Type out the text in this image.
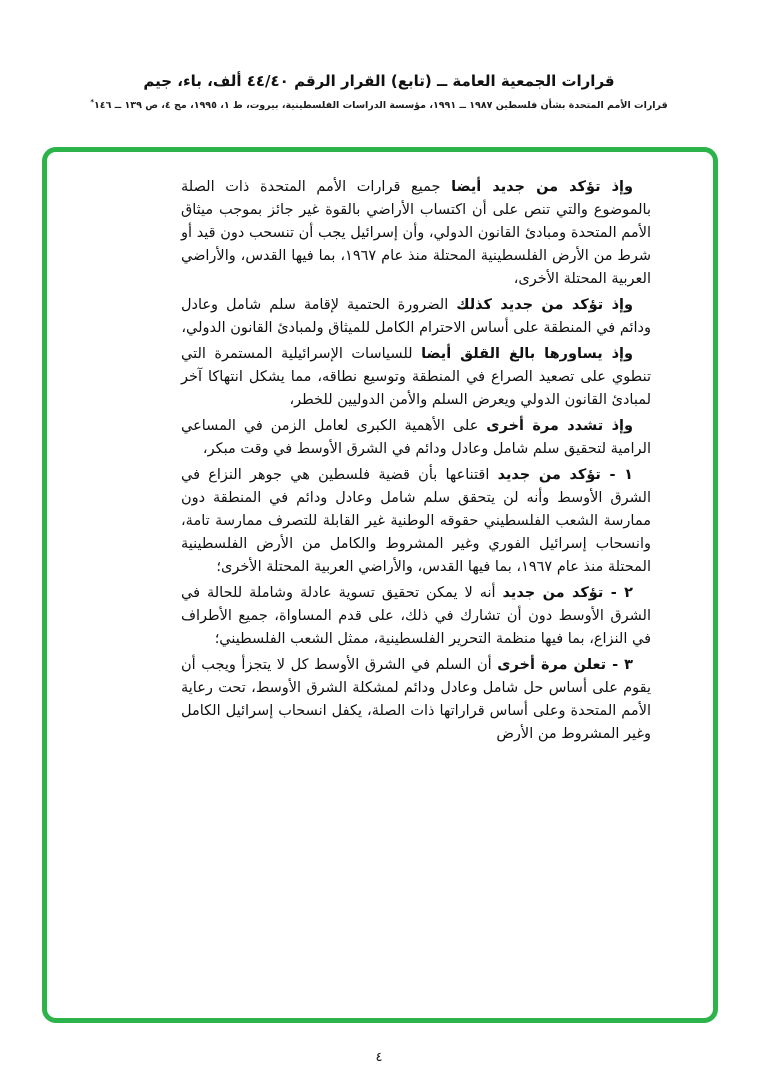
قرارات الجمعية العامة ــ (تابع) القرار الرقم ٤٤/٤٠ ألف، باء، جيم
قرارات الأمم المتحدة بشأن فلسطين ١٩٨٧ ــ ١٩٩١، مؤسسة الدراسات الفلسطينية، بيروت، ط ١، ١٩٩٥، مج ٤، ص ١٣٩ ــ ١٤٦*

وإذ تؤكد من جديد أيضا جميع قرارات الأمم المتحدة ذات الصلة بالموضوع والتي تنص على أن اكتساب الأراضي بالقوة غير جائز بموجب ميثاق الأمم المتحدة ومبادئ القانون الدولي، وأن إسرائيل يجب أن تنسحب دون قيد أو شرط من الأرض الفلسطينية المحتلة منذ عام ١٩٦٧، بما فيها القدس، والأراضي العربية المحتلة الأخرى،

وإذ تؤكد من جديد كذلك الضرورة الحتمية لإقامة سلم شامل وعادل ودائم في المنطقة على أساس الاحترام الكامل للميثاق ولمبادئ القانون الدولي،

وإذ يساورها بالغ القلق أيضا للسياسات الإسرائيلية المستمرة التي تنطوي على تصعيد الصراع في المنطقة وتوسيع نطاقه، مما يشكل انتهاكا آخر لمبادئ القانون الدولي ويعرض السلم والأمن الدوليين للخطر،

وإذ تشدد مرة أخرى على الأهمية الكبرى لعامل الزمن في المساعي الرامية لتحقيق سلم شامل وعادل ودائم في الشرق الأوسط في وقت مبكر،

١ - تؤكد من جديد اقتناعها بأن قضية فلسطين هي جوهر النزاع في الشرق الأوسط وأنه لن يتحقق سلم شامل وعادل ودائم في المنطقة دون ممارسة الشعب الفلسطيني حقوقه الوطنية غير القابلة للتصرف ممارسة تامة، وانسحاب إسرائيل الفوري وغير المشروط والكامل من الأرض الفلسطينية المحتلة منذ عام ١٩٦٧، بما فيها القدس، والأراضي العربية المحتلة الأخرى؛

٢ - تؤكد من جديد أنه لا يمكن تحقيق تسوية عادلة وشاملة للحالة في الشرق الأوسط دون أن تشارك في ذلك، على قدم المساواة، جميع الأطراف في النزاع، بما فيها منظمة التحرير الفلسطينية، ممثل الشعب الفلسطيني؛

٣ - تعلن مرة أخرى أن السلم في الشرق الأوسط كل لا يتجزأ ويجب أن يقوم على أساس حل شامل وعادل ودائم لمشكلة الشرق الأوسط، تحت رعاية الأمم المتحدة وعلى أساس قراراتها ذات الصلة، يكفل انسحاب إسرائيل الكامل وغير المشروط من الأرض

٤
